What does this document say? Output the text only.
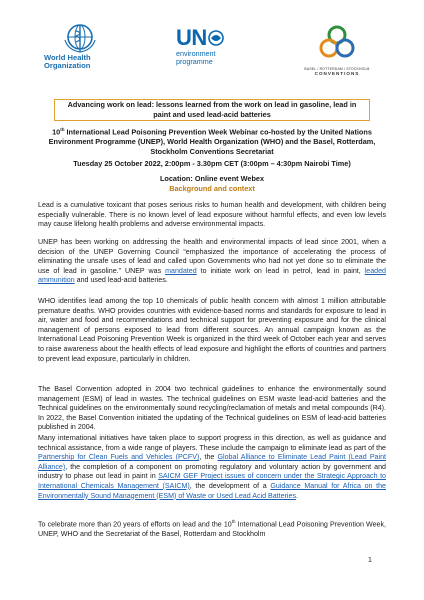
World Health
Organization
UN
environment
programme
BASEL / ROTTERDAM / STOCKHOLM
CONVENTIONS
Advancing work on lead: lessons learned from the work on lead in gasoline, lead in paint and used lead-acid batteries
10th International Lead Poisoning Prevention Week Webinar co-hosted by the United Nations Environment Programme (UNEP), World Health Organization (WHO) and the Basel, Rotterdam, Stockholm Conventions Secretariat
Tuesday 25 October 2022, 2:00pm - 3.30pm CET (3:00pm – 4:30pm Nairobi Time)
Location: Online event Webex
Background and context
Lead is a cumulative toxicant that poses serious risks to human health and development, with children being especially vulnerable. There is no known level of lead exposure without harmful effects, and even low levels may cause lifelong health problems and adverse environmental impacts.
UNEP has been working on addressing the health and environmental impacts of lead since 2001, when a decision of the UNEP Governing Council “emphasized the importance of accelerating the process of eliminating the unsafe uses of lead and called upon Governments who had not yet done so to eliminate the use of lead in gasoline.” UNEP was mandated to initiate work on lead in petrol, lead in paint, leaded ammunition and used lead-acid batteries.
WHO identifies lead among the top 10 chemicals of public health concern with almost 1 million attributable premature deaths. WHO provides countries with evidence-based norms and standards for exposure to lead in air, water and food and recommendations and technical support for preventing exposure and for the clinical management of persons exposed to lead from different sources. An annual campaign known as the International Lead Poisoning Prevention Week is organized in the third week of October each year and serves to raise awareness about the health effects of lead exposure and highlight the efforts of countries and partners to prevent lead exposure, particularly in children.
The Basel Convention adopted in 2004 two technical guidelines to enhance the environmentally sound management (ESM) of lead in wastes. The technical guidelines on ESM waste lead-acid batteries and the Technical guidelines on the environmentally sound recycling/reclamation of metals and metal compounds (R4). In 2022, the Basel Convention initiated the updating of the Technical guidelines on ESM of lead-acid batteries published in 2004.
Many international initiatives have taken place to support progress in this direction, as well as guidance and technical assistance, from a wide range of players. These include the campaign to eliminate lead as part of the Partnership for Clean Fuels and Vehicles (PCFV), the Global Alliance to Eliminate Lead Paint (Lead Paint Alliance), the completion of a component on promoting regulatory and voluntary action by government and industry to phase out lead in paint in SAICM GEF Project issues of concern under the Strategic Approach to International Chemicals Management (SAICM), the development of a Guidance Manual for Africa on the Environmentally Sound Management (ESM) of Waste or Used Lead Acid Batteries.
To celebrate more than 20 years of efforts on lead and the 10th International Lead Poisoning Prevention Week, UNEP, WHO and the Secretariat of the Basel, Rotterdam and Stockholm
1
